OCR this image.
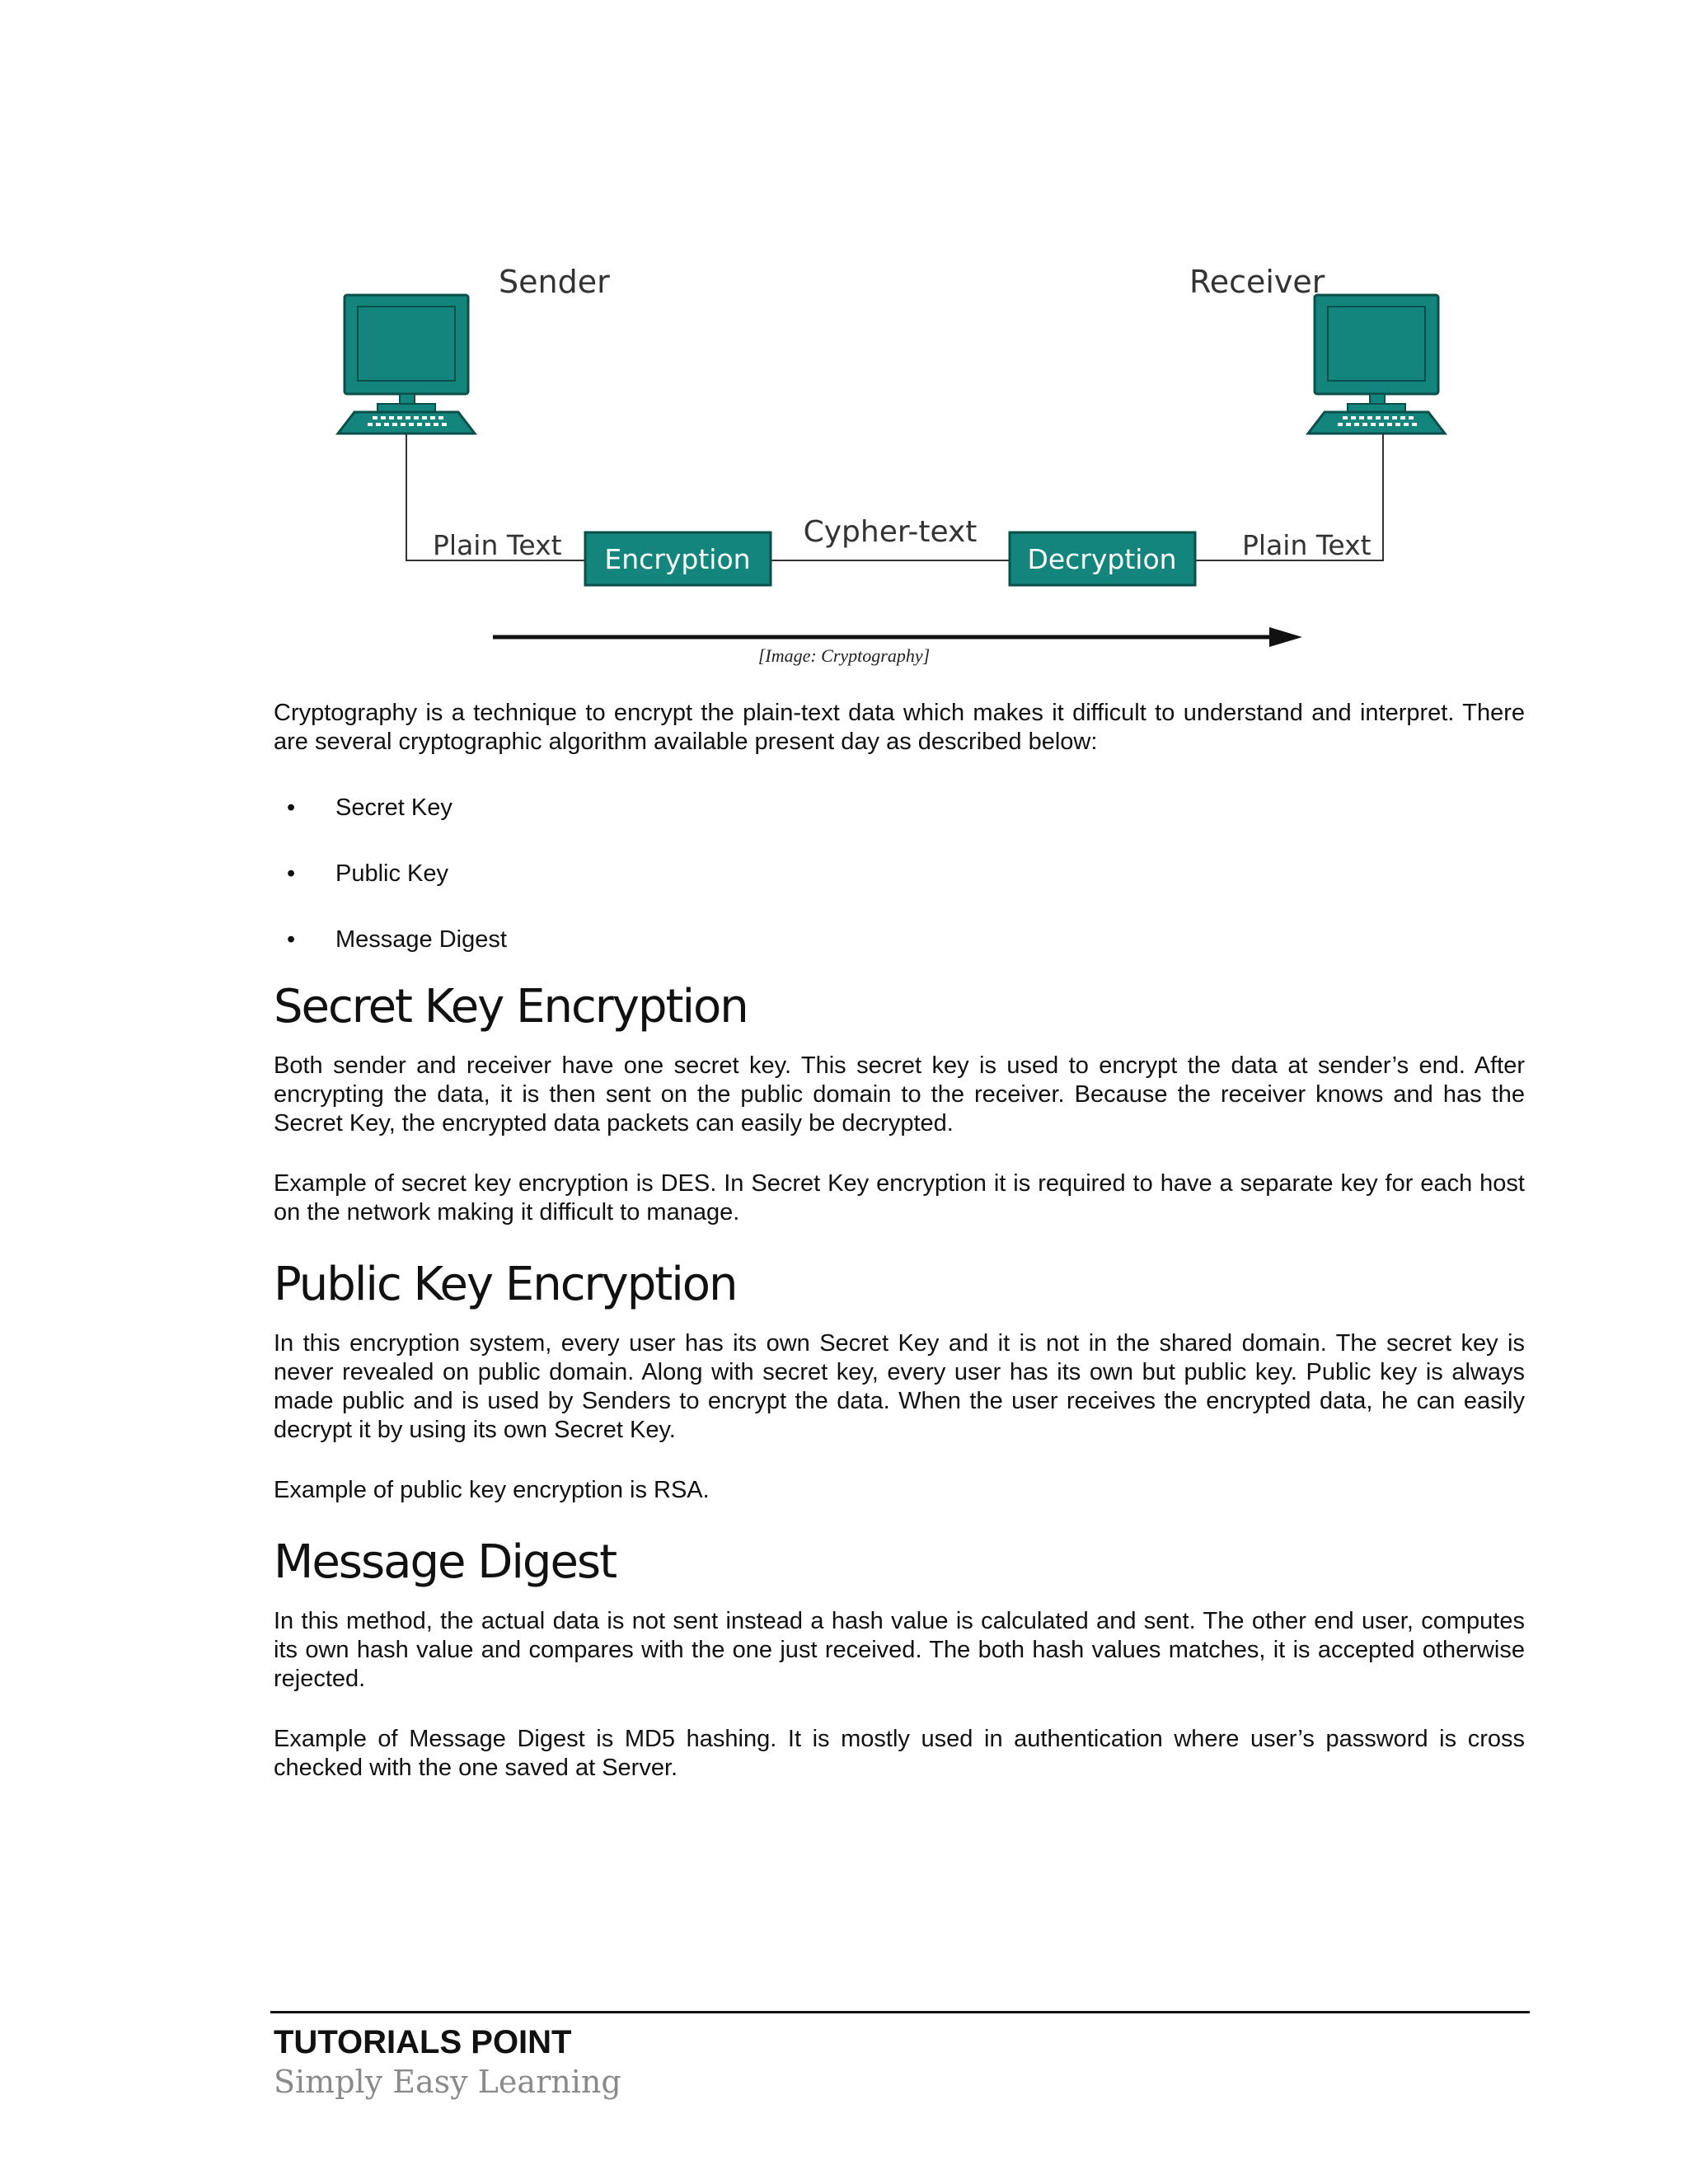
Sender	Receiver
Plain Text Encryption
Cypher-text
Decryption Plain Text
[Image: Cryptography]

Cryptography is a technique to encrypt the plain-text data which makes it difficult to understand and interpret. There are several cryptographic algorithm available present day as described below:

• Secret Key
• Public Key
• Message Digest
Secret Key Encryption

Both sender and receiver have one secret key. This secret key is used to encrypt the data at sender’s end. After encrypting the data, it is then sent on the public domain to the receiver. Because the receiver knows and has the Secret Key, the encrypted data packets can easily be decrypted.

Example of secret key encryption is DES. In Secret Key encryption it is required to have a separate key for each host on the network making it difficult to manage.

Public Key Encryption

In this encryption system, every user has its own Secret Key and it is not in the shared domain. The secret key is never revealed on public domain. Along with secret key, every user has its own but public key. Public key is always made public and is used by Senders to encrypt the data. When the user receives the encrypted data, he can easily decrypt it by using its own Secret Key.

Example of public key encryption is RSA.

Message Digest

In this method, the actual data is not sent instead a hash value is calculated and sent. The other end user, computes its own hash value and compares with the one just received. The both hash values matches, it is accepted otherwise rejected.

Example of Message Digest is MD5 hashing. It is mostly used in authentication where user’s password is cross checked with the one saved at Server.

TUTORIALS POINT
Simply Easy Learning
